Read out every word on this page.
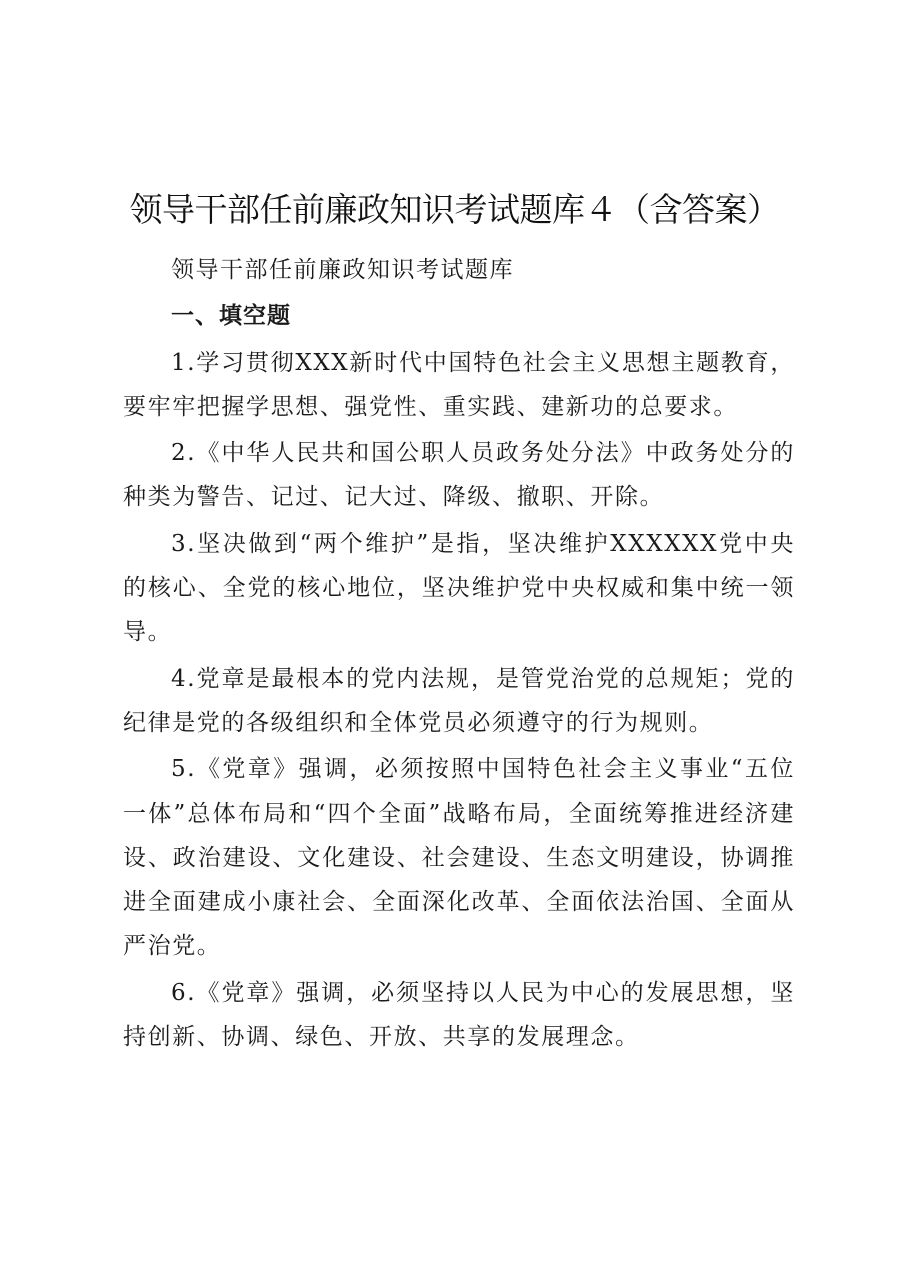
领导干部任前廉政知识考试题库４（含答案）

领导干部任前廉政知识考试题库

一、填空题

1.学习贯彻XXX新时代中国特色社会主义思想主题教育，要牢牢把握学思想、强党性、重实践、建新功的总要求。

2.《中华人民共和国公职人员政务处分法》中政务处分的种类为警告、记过、记大过、降级、撤职、开除。

3.坚决做到“两个维护”是指，坚决维护XXXXXX党中央的核心、全党的核心地位，坚决维护党中央权威和集中统一领导。

4.党章是最根本的党内法规，是管党治党的总规矩；党的纪律是党的各级组织和全体党员必须遵守的行为规则。

5.《党章》强调，必须按照中国特色社会主义事业“五位一体”总体布局和“四个全面”战略布局，全面统筹推进经济建设、政治建设、文化建设、社会建设、生态文明建设，协调推进全面建成小康社会、全面深化改革、全面依法治国、全面从严治党。

6.《党章》强调，必须坚持以人民为中心的发展思想，坚持创新、协调、绿色、开放、共享的发展理念。
